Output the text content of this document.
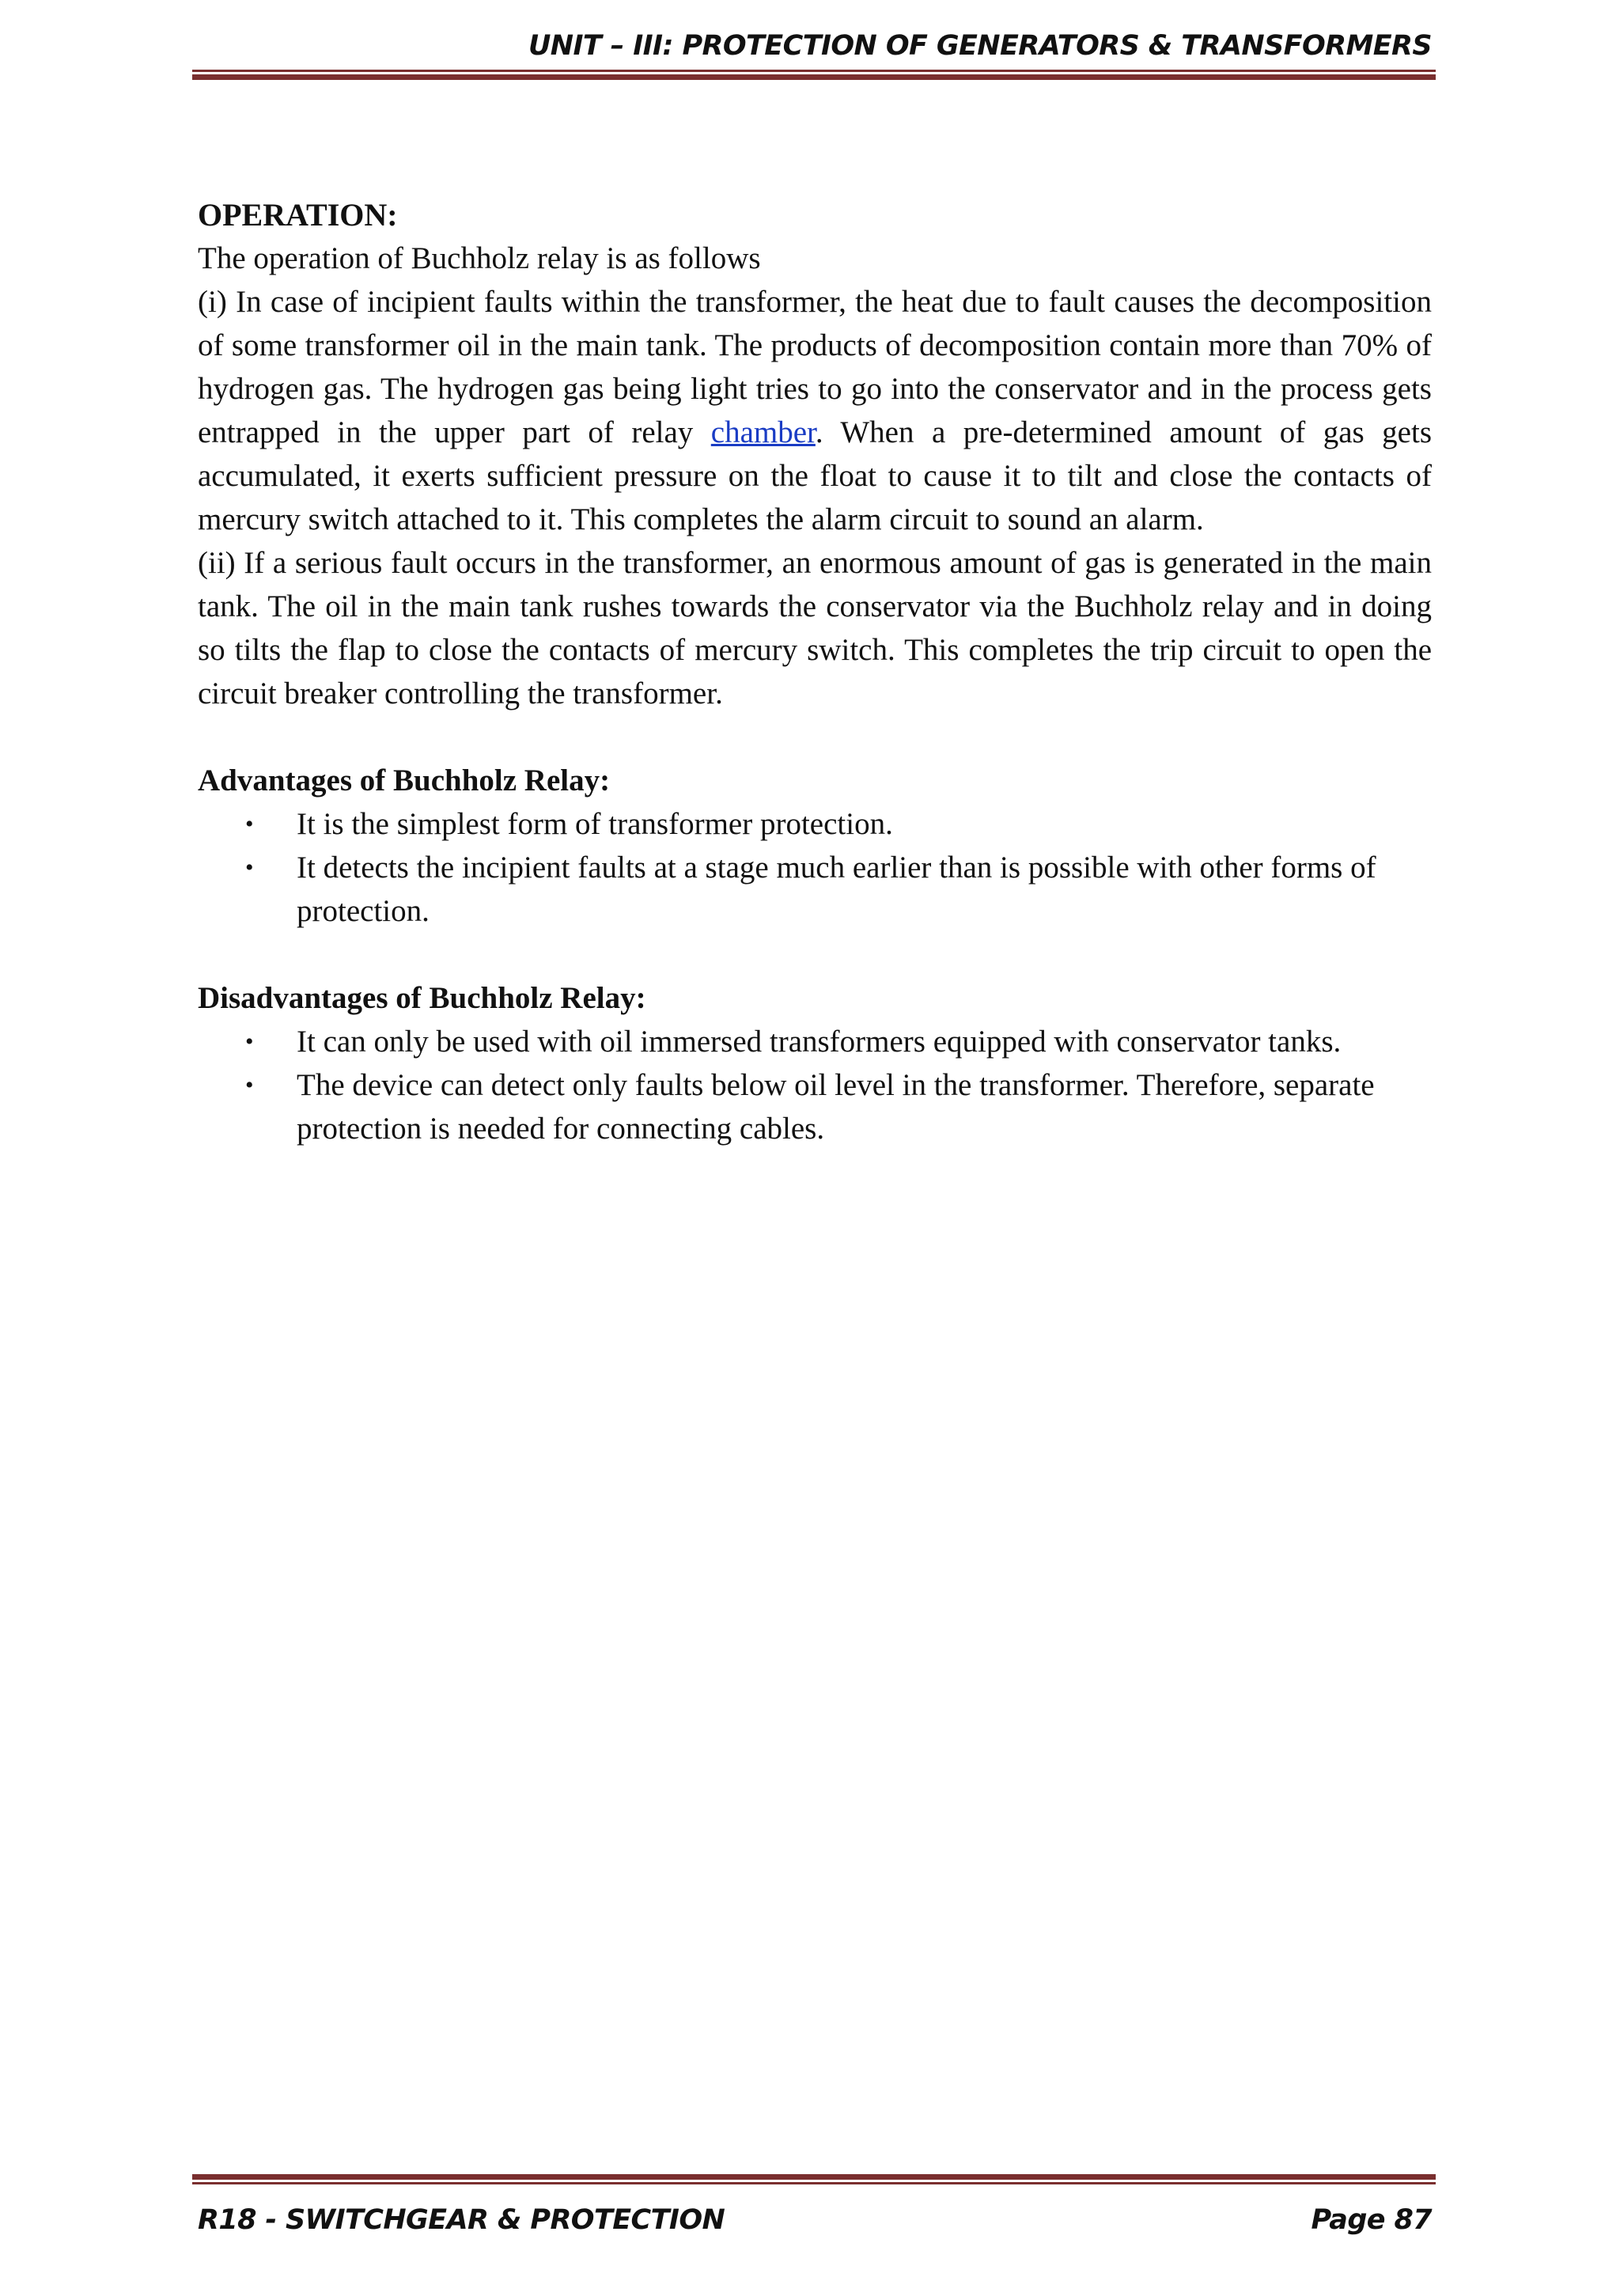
UNIT – III: PROTECTION OF GENERATORS & TRANSFORMERS

OPERATION:

The operation of Buchholz relay is as follows

(i) In case of incipient faults within the transformer, the heat due to fault causes the decomposition of some transformer oil in the main tank. The products of decomposition contain more than 70% of hydrogen gas. The hydrogen gas being light tries to go into the conservator and in the process gets entrapped in the upper part of relay chamber. When a pre-determined amount of gas gets accumulated, it exerts sufficient pressure on the float to cause it to tilt and close the contacts of mercury switch attached to it. This completes the alarm circuit to sound an alarm.

(ii) If a serious fault occurs in the transformer, an enormous amount of gas is generated in the main tank. The oil in the main tank rushes towards the conservator via the Buchholz relay and in doing so tilts the flap to close the contacts of mercury switch. This completes the trip circuit to open the circuit breaker controlling the transformer.

Advantages of Buchholz Relay:

• It is the simplest form of transformer protection.
• It detects the incipient faults at a stage much earlier than is possible with other forms of protection.

Disadvantages of Buchholz Relay:

• It can only be used with oil immersed transformers equipped with conservator tanks.
• The device can detect only faults below oil level in the transformer. Therefore, separate protection is needed for connecting cables.
R18 - SWITCHGEAR & PROTECTION	Page 87
